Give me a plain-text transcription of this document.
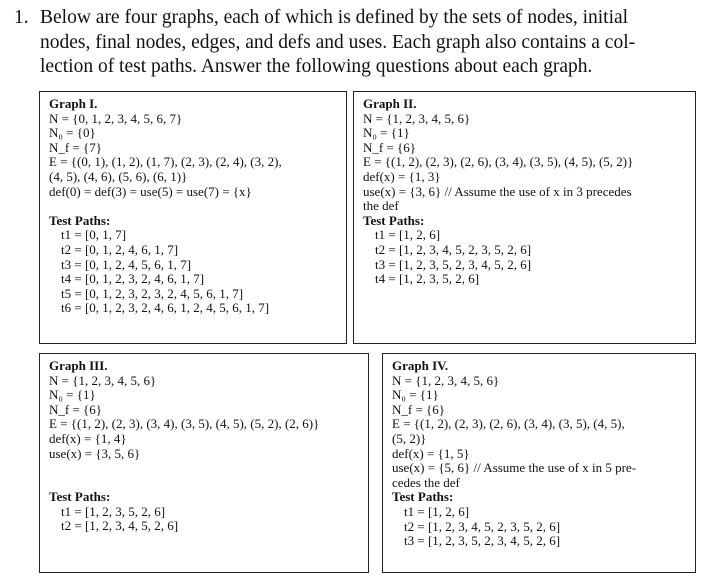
1. Below are four graphs, each of which is defined by the sets of nodes, initial
nodes, final nodes, edges, and defs and uses. Each graph also contains a col-
lection of test paths. Answer the following questions about each graph.
Graph I.
N = {0, 1, 2, 3, 4, 5, 6, 7}
N₀ = {0}
N_f = {7}
E = {(0, 1), (1, 2), (1, 7), (2, 3), (2, 4), (3, 2),
(4, 5), (4, 6), (5, 6), (6, 1)}
def(0) = def(3) = use(5) = use(7) = {x}
Test Paths:
t1 = [0, 1, 7]
t2 = [0, 1, 2, 4, 6, 1, 7]
t3 = [0, 1, 2, 4, 5, 6, 1, 7]
t4 = [0, 1, 2, 3, 2, 4, 6, 1, 7]
t5 = [0, 1, 2, 3, 2, 3, 2, 4, 5, 6, 1, 7]
t6 = [0, 1, 2, 3, 2, 4, 6, 1, 2, 4, 5, 6, 1, 7]
Graph II.
N = {1, 2, 3, 4, 5, 6}
N₀ = {1}
N_f = {6}
E = {(1, 2), (2, 3), (2, 6), (3, 4), (3, 5), (4, 5), (5, 2)}
def(x) = {1, 3}
use(x) = {3, 6} // Assume the use of x in 3 precedes
the def
Test Paths:
t1 = [1, 2, 6]
t2 = [1, 2, 3, 4, 5, 2, 3, 5, 2, 6]
t3 = [1, 2, 3, 5, 2, 3, 4, 5, 2, 6]
t4 = [1, 2, 3, 5, 2, 6]
Graph III.
N = {1, 2, 3, 4, 5, 6}
N₀ = {1}
N_f = {6}
E = {(1, 2), (2, 3), (3, 4), (3, 5), (4, 5), (5, 2), (2, 6)}
def(x) = {1, 4}
use(x) = {3, 5, 6}
Test Paths:
t1 = [1, 2, 3, 5, 2, 6]
t2 = [1, 2, 3, 4, 5, 2, 6]
Graph IV.
N = {1, 2, 3, 4, 5, 6}
N₀ = {1}
N_f = {6}
E = {(1, 2), (2, 3), (2, 6), (3, 4), (3, 5), (4, 5),
(5, 2)}
def(x) = {1, 5}
use(x) = {5, 6} // Assume the use of x in 5 pre-
cedes the def
Test Paths:
t1 = [1, 2, 6]
t2 = [1, 2, 3, 4, 5, 2, 3, 5, 2, 6]
t3 = [1, 2, 3, 5, 2, 3, 4, 5, 2, 6]
